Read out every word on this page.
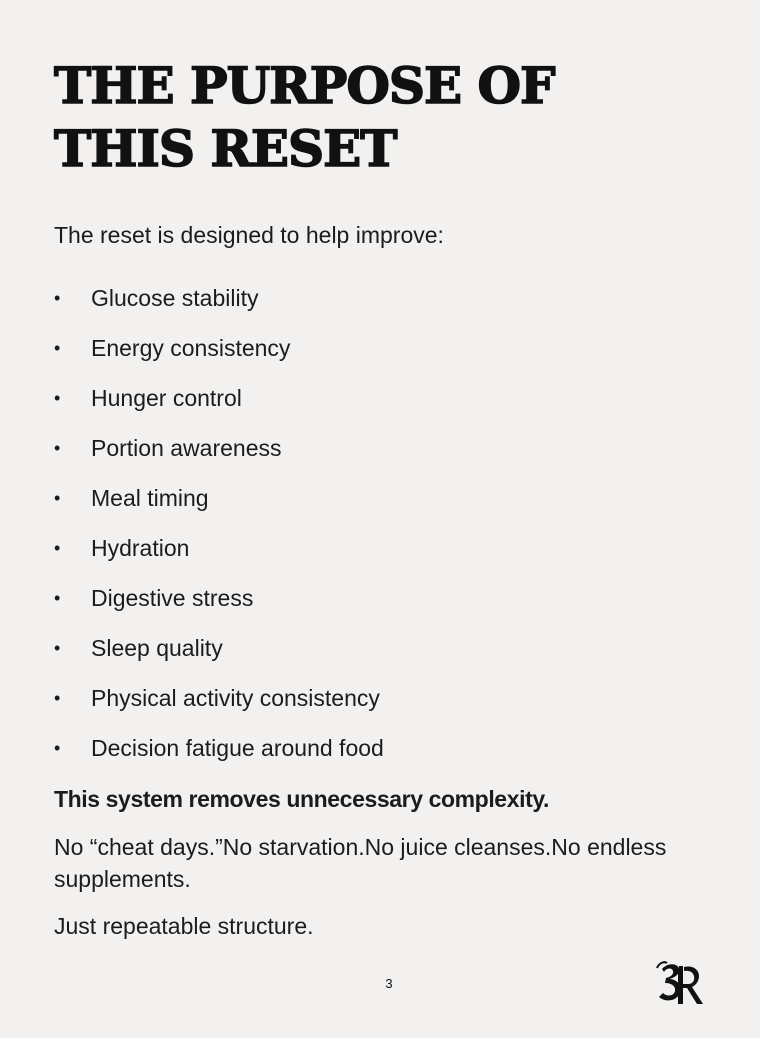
THE PURPOSE OF THIS RESET

The reset is designed to help improve:

• Glucose stability
• Energy consistency
• Hunger control
• Portion awareness
• Meal timing
• Hydration
• Digestive stress
• Sleep quality
• Physical activity consistency
• Decision fatigue around food

This system removes unnecessary complexity.

No “cheat days.”No starvation.No juice cleanses.No endless supplements.

Just repeatable structure.

3
